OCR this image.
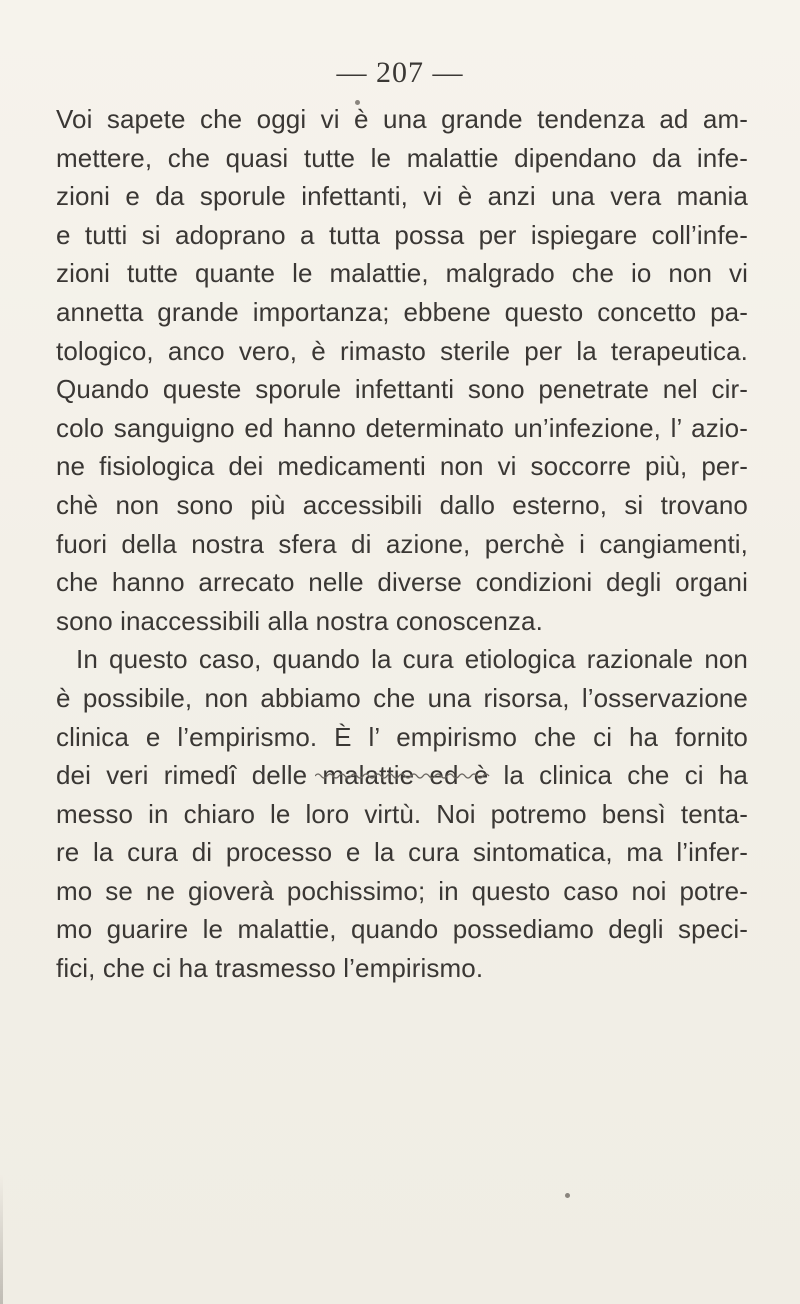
— 207 —
Voi sapete che oggi vi è una grande tendenza ad am-
mettere, che quasi tutte le malattie dipendano da infe-
zioni e da sporule infettanti, vi è anzi una vera mania
e tutti si adoprano a tutta possa per ispiegare coll’infe-
zioni tutte quante le malattie, malgrado che io non vi
annetta grande importanza; ebbene questo concetto pa-
tologico, anco vero, è rimasto sterile per la terapeutica.
Quando queste sporule infettanti sono penetrate nel cir-
colo sanguigno ed hanno determinato un’infezione, l’ azio-
ne fisiologica dei medicamenti non vi soccorre più, per-
chè non sono più accessibili dallo esterno, si trovano
fuori della nostra sfera di azione, perchè i cangiamenti,
che hanno arrecato nelle diverse condizioni degli organi
sono inaccessibili alla nostra conoscenza.
In questo caso, quando la cura etiologica razionale non
è possibile, non abbiamo che una risorsa, l’osservazione
clinica e l’empirismo. È l’ empirismo che ci ha fornito
dei veri rimedî delle malattie ed è la clinica che ci ha
messo in chiaro le loro virtù. Noi potremo bensì tenta-
re la cura di processo e la cura sintomatica, ma l’infer-
mo se ne gioverà pochissimo; in questo caso noi potre-
mo guarire le malattie, quando possediamo degli speci-
fici, che ci ha trasmesso l’empirismo.
